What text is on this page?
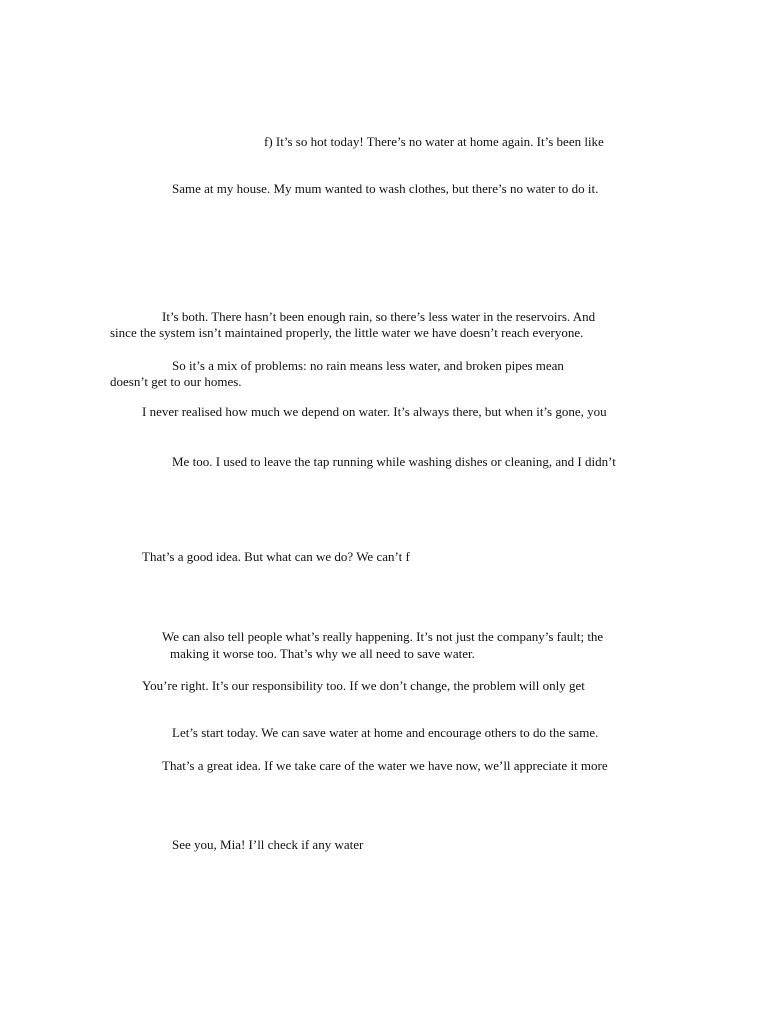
f) It’s so hot today! There’s no water at home again. It’s been like

Same at my house. My mum wanted to wash clothes, but there’s no water to do it.

It’s both. There hasn’t been enough rain, so there’s less water in the reservoirs. And

since the system isn’t maintained properly, the little water we have doesn’t reach everyone.

So it’s a mix of problems: no rain means less water, and broken pipes mean

doesn’t get to our homes.

I never realised how much we depend on water. It’s always there, but when it’s gone, you

Me too. I used to leave the tap running while washing dishes or cleaning, and I didn’t

That’s a good idea. But what can we do? We can’t f

We can also tell people what’s really happening. It’s not just the company’s fault; the

making it worse too. That’s why we all need to save water.

You’re right. It’s our responsibility too. If we don’t change, the problem will only get

Let’s start today. We can save water at home and encourage others to do the same.

That’s a great idea. If we take care of the water we have now, we’ll appreciate it more

See you, Mia! I’ll check if any water
